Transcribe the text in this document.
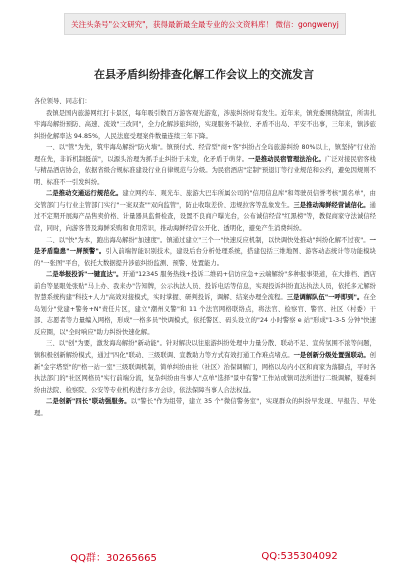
关注头条号"公文研究"，获得最新最全最专业的公文资料库！ 微信：gongwenyj
在县矛盾纠纷排查化解工作会议上的交流发言

各位领导、同志们：

我镇是国内旅游网红打卡景区，每年吸引数百万游客观光游览，涉旅纠纷时有发生。近年来，镇党委围绕制宜，所害扎牢海岛解纷预防、高速、流效"三改同"，全力化解涉旅纠纷，实现服务不缺位、矛盾不出岛、平安不出事，三年来，镇涉旅纠纷化解率达 94.85%，人民法庭受理案件数量连续三年下降。

一、以"管"为先，筑牢海岛解纷"防火墙"。镇预付式、经营型"商+客"纠纷占全岛旅游纠纷 80%以上，镇坚持"行业治理在先，非诉机制挺前"，以源头治理为抓手止纠纷于未发，化矛盾于萌芽。一是推动民宿管理法治化。广泛对接民宿客栈与精品酒店协会，依据省级合规标准建设行业自律规范与分级。为民宿酒店"定制"预退订等行业规范和公约，避免因规则不明、标准不一引发纠纷。

二是推动交通运行规范化。建立网约车、观光车、旅游大巴车所属公司的"信用信息库"和驾驶员信誉考核"黑名单"，由交管部门与行业主管部门实行"一案双查""双向监管"，防止收取差价、违规拉客等乱象发生。三是推动海鲜经营诚信化。通过不定期开展海产品售卖价格、计量器具监督检查，设置不良商户曝光台，公布诚信经营"红黑榜"等，教促商家守法诚信经营，同时，向游客普及海鲜采购和食用常识，推动海鲜经营公开化、透明化，避免产生消费纠纷。

二、以"快"为本，跑出海岛解纷"加速度"。镇通过建立"三个一"快速反应机制，以快调快处推动"纠纷化解不过夜"。一是矛盾隐患"一屏预警"。引入前端智能识别技术，建设后台分析处理系统，搭建包括三维地图、游客动态统计等功能模块的"一张图"平台，依托大数据提升涉旅纠纷监测、预警、处置能力。

二是举报投诉"一键直达"。开通"12345 服务热线+投诉二维码+信访应急+云端解纷"多种报事渠道，在大排档、酒店前台等显眼处张贴"马上办、我来办"告知牌，公示执法人员、投诉电话等信息，实现投诉纠纷直达执法人员，依托多元解纷智慧系统构建"科技+人力"高效对接模式，实时掌握、研判投诉，调解、结案办理全流程。三是调解队伍"一呼即到"。在全岛划分"党建+警务+N"责任片区，建立"潮州义警"和 11 个法官网格联络点，将法官、检察官、警官、社区（村委）干部、志愿者等力量编入网格，形成"一格多员"快调模式，依托警区、码头设立的"24 小时警察 e 站"形成"1-3-5 分钟"快速反应圈，以"全时响应"助力纠纷快速化解。

三、以"创"为要，激发海岛解纷"新动能"。针对解决以往旅游纠纷处理中力量分散、联动不足、宣传氛围不浓等问题，镇积极创新解纷模式，通过"四化"联动、三级联调、宣教助力等方式有效打通工作难点堵点。一是创新分级处置强联动。创新"金字塔型"的"格一站一室"三级联调机制，简单纠纷由社（社区）治保调解门，网格以岛内小区和商家为落脚点，平时各执法部门的"社区网格员"实行前端分流，复杂纠纷由当事人"点单"选择"景中有警"工作站或镇司法所进行二级调解，疑难纠纷由法院、检察院、公安等专业机构进行多方会诊，依法保障当事人合法权益。

二是创新"四长"联动强服务。以"警长"作为组带，建立 35 个"微信警务室"，实现群众的纠纷早发现、早报告、早处理。

QQ群：30265665	QQ:535304092
